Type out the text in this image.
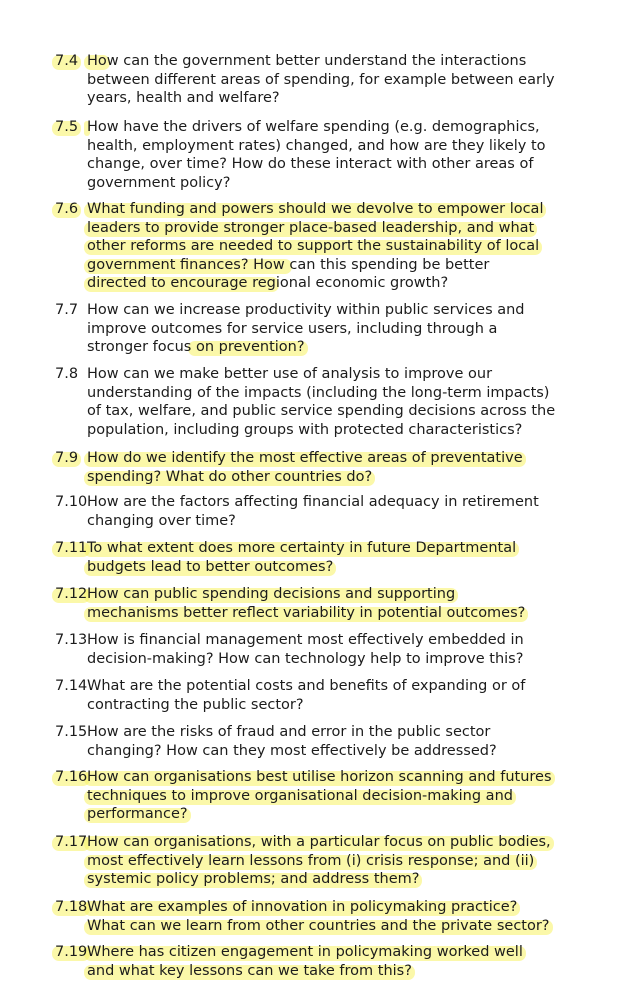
7.4 How can the government better understand the interactions
between different areas of spending, for example between early
years, health and welfare?
7.5 How have the drivers of welfare spending (e.g. demographics,
health, employment rates) changed, and how are they likely to
change, over time? How do these interact with other areas of
government policy?
7.6 What funding and powers should we devolve to empower local
leaders to provide stronger place-based leadership, and what
other reforms are needed to support the sustainability of local
government finances? How can this spending be better
directed to encourage regional economic growth?
7.7 How can we increase productivity within public services and
improve outcomes for service users, including through a
stronger focus on prevention?
7.8 How can we make better use of analysis to improve our
understanding of the impacts (including the long-term impacts)
of tax, welfare, and public service spending decisions across the
population, including groups with protected characteristics?
7.9 How do we identify the most effective areas of preventative
spending? What do other countries do?
7.10 How are the factors affecting financial adequacy in retirement
changing over time?
7.11 To what extent does more certainty in future Departmental
budgets lead to better outcomes?
7.12 How can public spending decisions and supporting
mechanisms better reflect variability in potential outcomes?
7.13 How is financial management most effectively embedded in
decision-making? How can technology help to improve this?
7.14 What are the potential costs and benefits of expanding or of
contracting the public sector?
7.15 How are the risks of fraud and error in the public sector
changing? How can they most effectively be addressed?
7.16 How can organisations best utilise horizon scanning and futures
techniques to improve organisational decision-making and
performance?
7.17 How can organisations, with a particular focus on public bodies,
most effectively learn lessons from (i) crisis response; and (ii)
systemic policy problems; and address them?
7.18 What are examples of innovation in policymaking practice?
What can we learn from other countries and the private sector?
7.19 Where has citizen engagement in policymaking worked well
and what key lessons can we take from this?
